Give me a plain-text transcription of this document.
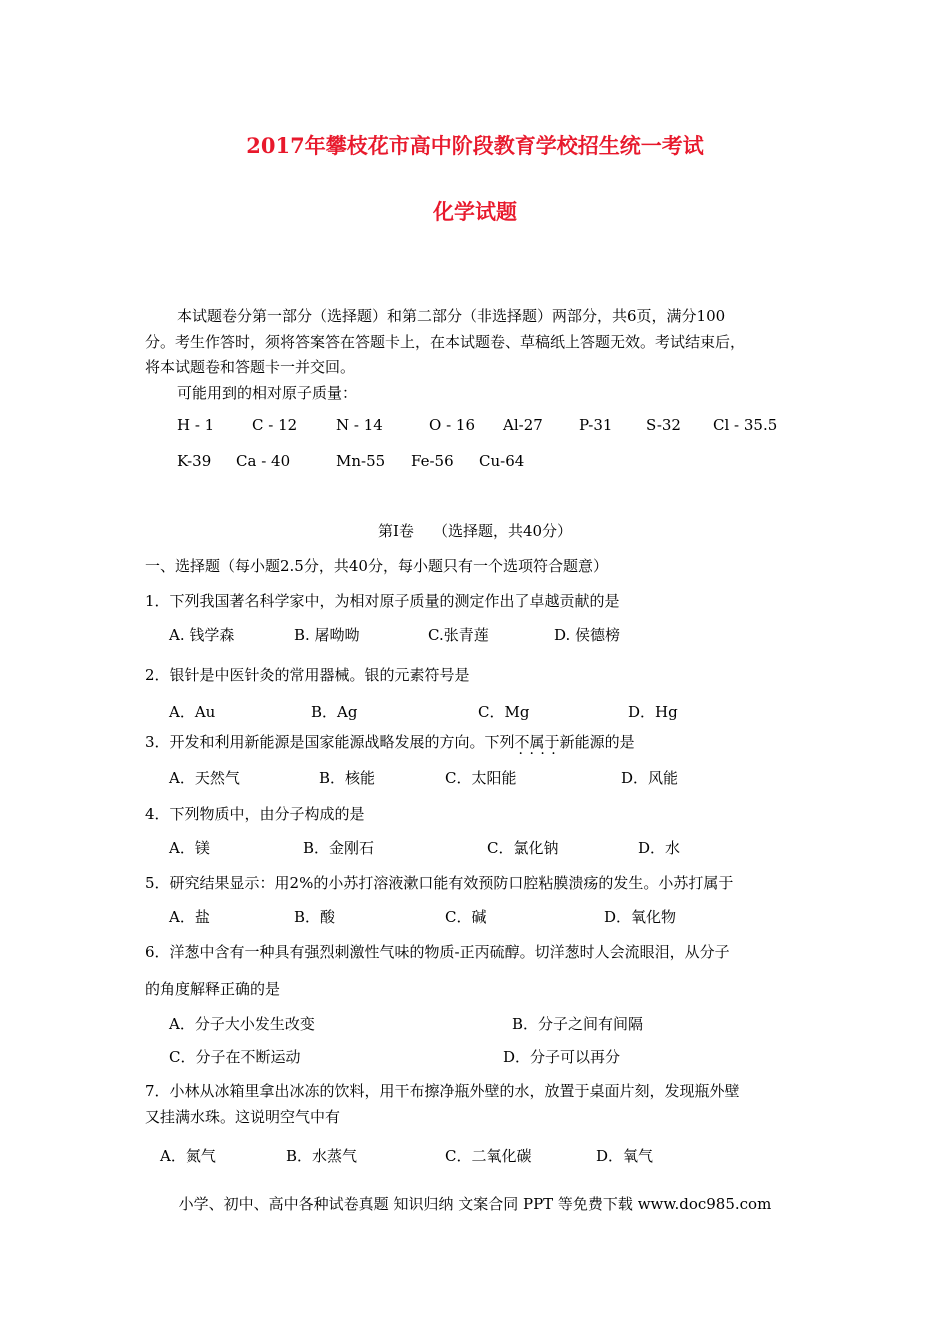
2017年攀枝花市高中阶段教育学校招生统一考试
化学试题
本试题卷分第一部分（选择题）和第二部分（非选择题）两部分，共6页，满分100
分。考生作答时，须将答案答在答题卡上，在本试题卷、草稿纸上答题无效。考试结束后，
将本试题卷和答题卡一并交回。
可能用到的相对原子质量：
H - 1	C - 12	N - 14	O - 16 Al-27 P-31 S-32 Cl - 35.5
K-39 Ca - 40	Mn-55 Fe-56 Cu-64
第Ⅰ卷    （选择题，共40分）
一、选择题（每小题2.5分，共40分，每小题只有一个选项符合题意）
1．下列我国著名科学家中，为相对原子质量的测定作出了卓越贡献的是
A. 钱学森	B. 屠呦呦	C.张青莲	D. 侯德榜
2．银针是中医针灸的常用器械。银的元素符号是
A．Au	B．Ag	C．Mg	D．Hg
3．开发和利用新能源是国家能源战略发展的方向。下列不属于 · · · ·新能源的是
A．天然气	B．核能	C．太阳能	D．风能
4．下列物质中，由分子构成的是
A．镁	B．金刚石	C．氯化钠	D．水
5．研究结果显示：用2%的小苏打溶液漱口能有效预防口腔粘膜溃疡的发生。小苏打属于
A．盐	B．酸	C．碱	D．氧化物
6．洋葱中含有一种具有强烈刺激性气味的物质-正丙硫醇。切洋葱时人会流眼泪，从分子
的角度解释正确的是
A．分子大小发生改变	B．分子之间有间隔
C．分子在不断运动	D．分子可以再分
7．小林从冰箱里拿出冰冻的饮料，用干布擦净瓶外壁的水，放置于桌面片刻，发现瓶外壁
又挂满水珠。这说明空气中有
A．氮气	B．水蒸气	C．二氧化碳	D．氧气
小学、初中、高中各种试卷真题 知识归纳 文案合同 PPT 等免费下载 www.doc985.com
